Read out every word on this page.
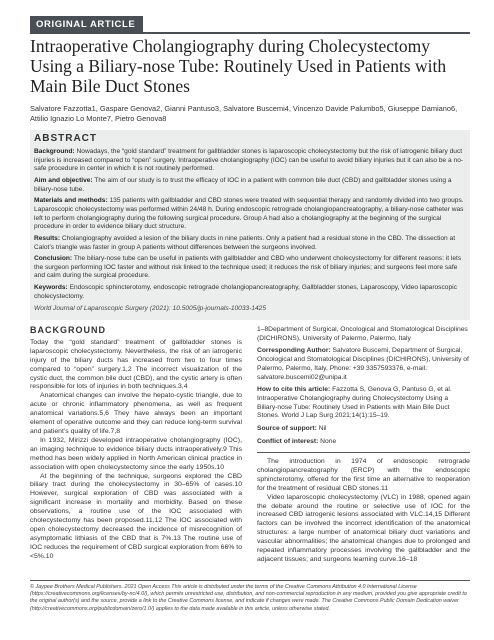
ORIGINAL ARTICLE
Intraoperative Cholangiography during Cholecystectomy Using a Biliary-nose Tube: Routinely Used in Patients with Main Bile Duct Stones
Salvatore Fazzotta1, Gaspare Genova2, Gianni Pantuso3, Salvatore Buscemi4, Vincenzo Davide Palumbo5, Giuseppe Damiano6, Attilio Ignazio Lo Monte7, Pietro Genova8
ABSTRACT

Background: Nowadays, the “gold standard” treatment for gallbladder stones is laparoscopic cholecystectomy but the risk of iatrogenic biliary duct injuries is increased compared to “open” surgery. Intraoperative cholangiography (IOC) can be useful to avoid biliary injuries but it can also be a no-safe procedure in center in which it is not routinely performed.

Aim and objective: The aim of our study is to trust the efficacy of IOC in a patient with common bile duct (CBD) and gallbladder stones using a biliary-nose tube.

Materials and methods: 135 patients with gallbladder and CBD stones were treated with sequential therapy and randomly divided into two groups. Laparoscopic cholecystectomy was performed within 24/48 h. During endoscopic retrograde cholangiopancreatography, a biliary-nose catheter was left to perform cholangiography during the following surgical procedure. Group A had also a cholangiography at the beginning of the surgical procedure in order to evidence biliary duct structure.

Results: Cholangiography avoided a lesion of the biliary ducts in nine patients. Only a patient had a residual stone in the CBD. The dissection at Calot’s triangle was faster in group A patients without differences between the surgeons involved.

Conclusion: The biliary-nose tube can be useful in patients with gallbladder and CBD who underwent cholecystectomy for different reasons: it lets the surgeon performing IOC faster and without risk linked to the technique used; it reduces the risk of biliary injuries; and surgeons feel more safe and calm during the surgical procedure.

Keywords: Endoscopic sphincterotomy, endoscopic retrograde cholangiopancreatography, Gallbladder stones, Laparoscopy, Video laparoscopic cholecystectomy.

World Journal of Laparoscopic Surgery (2021): 10.5005/jp-journals-10033-1425

BACKGROUND

Today the “gold standard” treatment of gallbladder stones is laparoscopic cholecystectomy. Nevertheless, the risk of an iatrogenic injury of the biliary ducts has increased from two to four times compared to “open” surgery.1,2 The incorrect visualization of the cystic duct, the common bile duct (CBD), and the cystic artery is often responsible for lots of injuries in both techniques.3,4

Anatomical changes can involve the hepato-cystic triangle, due to acute or chronic inflammatory phenomena, as well as frequent anatomical variations.5,6 They have always been an important element of operative outcome and they can reduce long-term survival and patient’s quality of life.7,8

In 1932, Mirizzi developed intraoperative cholangiography (IOC), an imaging technique to evidence biliary ducts intraoperatively.9 This method has been widely applied in North American clinical practice in association with open cholecystectomy since the early 1950s.10

At the beginning of the technique, surgeons explored the CBD biliary tract during the cholecystectomy in 30–65% of cases.10 However, surgical exploration of CBD was associated with a significant increase in mortality and morbidity. Based on these observations, a routine use of the IOC associated with cholecystectomy has been proposed.11,12 The IOC associated with open cholecystectomy decreased the incidence of misrecognition of asymptomatic lithiasis of the CBD that is 7%.13 The routine use of IOC reduces the requirement of CBD surgical exploration from 66% to <5%.10

1–8Department of Surgical, Oncological and Stomatological Disciplines (DICHIRONS), University of Palermo, Palermo, Italy

Corresponding Author: Salvatore Buscemi, Department of Surgical, Oncological and Stomatological Disciplines (DICHIRONS), University of Palermo, Palermo, Italy, Phone: +39 3357593376, e-mail: salvatore.buscemi02@unipa.it

How to cite this article: Fazzotta S, Genova G, Pantuso G, et al. Intraoperative Cholangiography during Cholecystectomy Using a Biliary-nose Tube: Routinely Used in Patients with Main Bile Duct Stones. World J Lap Surg 2021;14(1):15–19.

Source of support: Nil

Conflict of interest: None

The introduction in 1974 of endoscopic retrograde cholangiopancreatography (ERCP) with the endoscopic sphincterotomy, offered for the first time an alternative to reoperation for the treatment of residual CBD stones.11

Video laparoscopic cholecystectomy (VLC) in 1988, opened again the debate around the routine or selective use of IOC for the increased CBD iatrogenic lesions associated with VLC.14,15 Different factors can be involved the incorrect identification of the anatomical structures: a large number of anatomical biliary duct variations and vascular abnormalities; the anatomical changes due to prolonged and repeated inflammatory processes involving the gallbladder and the adjacent tissues; and surgeons learning curve.16–18

© Jaypee Brothers Medical Publishers. 2021 Open Access This article is distributed under the terms of the Creative Commons Attribution 4.0 International License (https://creativecommons.org/licenses/by-nc/4.0/), which permits unrestricted use, distribution, and non-commercial reproduction in any medium, provided you give appropriate credit to the original author(s) and the source, provide a link to the Creative Commons license, and indicate if changes were made. The Creative Commons Public Domain Dedication waiver (http://creativecommons.org/publicdomain/zero/1.0/) applies to the data made available in this article, unless otherwise stated.
